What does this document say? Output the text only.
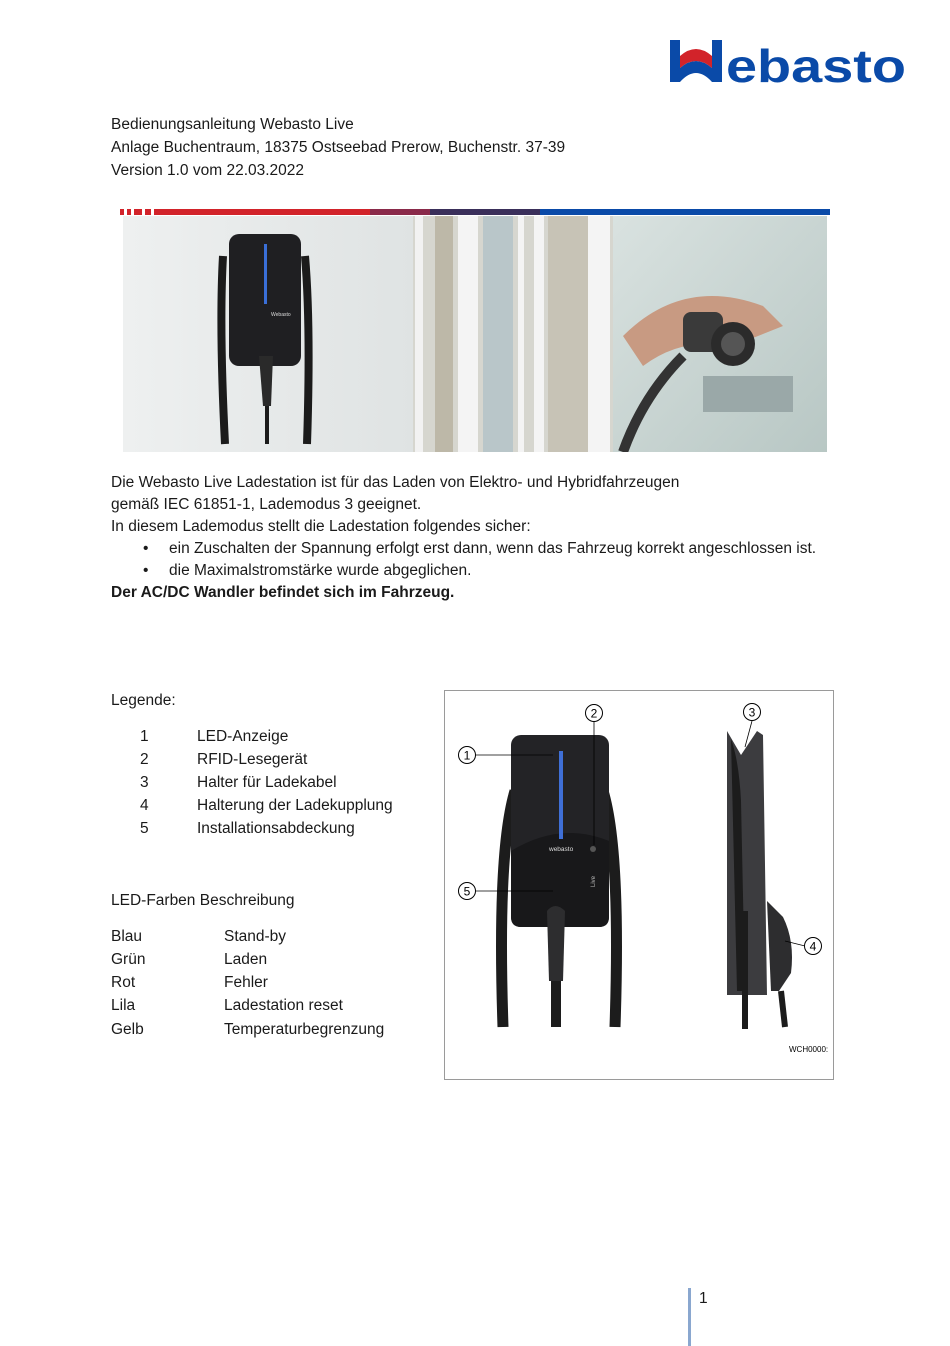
ebasto
Bedienungsanleitung Webasto Live
Anlage Buchentraum, 18375 Ostseebad Prerow, Buchenstr. 37-39
Version 1.0 vom 22.03.2022
Webasto
Die Webasto Live Ladestation ist für das Laden von Elektro- und Hybridfahrzeugen
gemäß IEC 61851-1, Lademodus 3 geeignet.
In diesem Lademodus stellt die Ladestation folgendes sicher:
• ein Zuschalten der Spannung erfolgt erst dann, wenn das Fahrzeug korrekt angeschlossen ist.
• die Maximalstromstärke wurde abgeglichen.
Der AC/DC Wandler befindet sich im Fahrzeug.
Legende:
1	LED-Anzeige
2	RFID-Lesegerät
3	Halter für Ladekabel
4	Halterung der Ladekupplung
5	Installationsabdeckung
LED-Farben Beschreibung
Blau	Stand-by
Grün	Laden
Rot	Fehler
Lila	Ladestation reset
Gelb	Temperaturbegrenzung
webasto
Live
1
2	3
4
5
WCH0000:
1
